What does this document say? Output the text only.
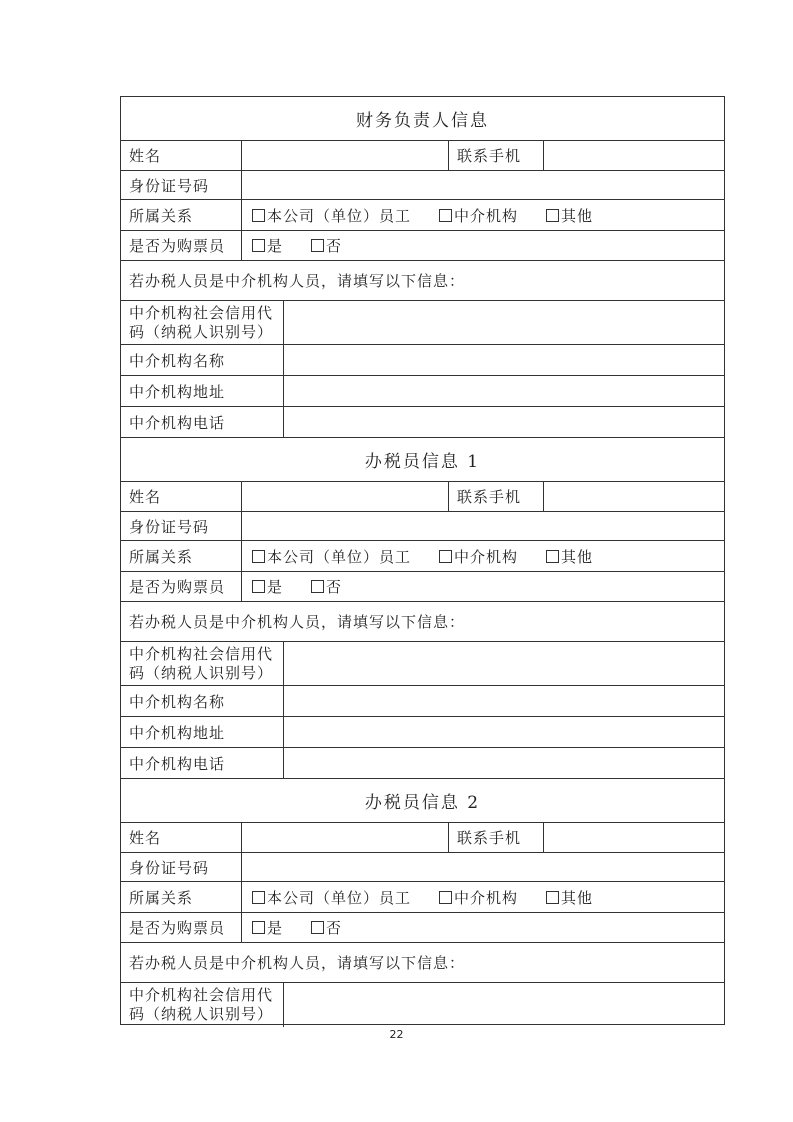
财务负责人信息
姓名	联系手机
身份证号码
所属关系	本公司（单位）员工	中介机构	其他
是否为购票员	是	否
若办税人员是中介机构人员，请填写以下信息：
中介机构社会信用代
码（纳税人识别号）
中介机构名称
中介机构地址
中介机构电话
办税员信息 1
姓名	联系手机
身份证号码
所属关系	本公司（单位）员工	中介机构	其他
是否为购票员	是	否
若办税人员是中介机构人员，请填写以下信息：
中介机构社会信用代
码（纳税人识别号）
中介机构名称
中介机构地址
中介机构电话
办税员信息 2
姓名	联系手机
身份证号码
所属关系	本公司（单位）员工	中介机构	其他
是否为购票员	是	否
若办税人员是中介机构人员，请填写以下信息：
中介机构社会信用代
码（纳税人识别号）
22
